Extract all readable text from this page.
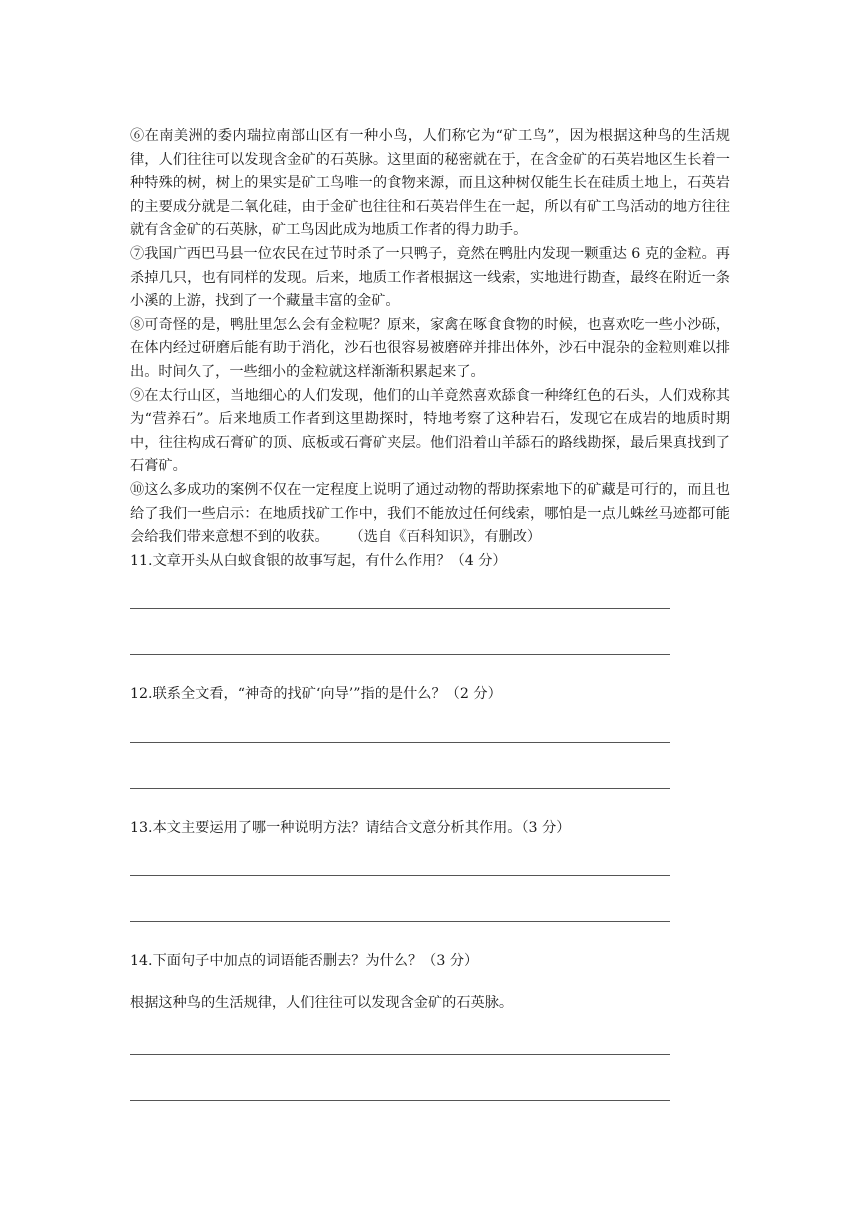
⑥在南美洲的委内瑞拉南部山区有一种小鸟，人们称它为“矿工鸟”，因为根据这种鸟的生活规律，人们往往可以发现含金矿的石英脉。这里面的秘密就在于，在含金矿的石英岩地区生长着一种特殊的树，树上的果实是矿工鸟唯一的食物来源，而且这种树仅能生长在硅质土地上，石英岩的主要成分就是二氧化硅，由于金矿也往往和石英岩伴生在一起，所以有矿工鸟活动的地方往往就有含金矿的石英脉，矿工鸟因此成为地质工作者的得力助手。

⑦我国广西巴马县一位农民在过节时杀了一只鸭子，竟然在鸭肚内发现一颗重达 6 克的金粒。再杀掉几只，也有同样的发现。后来，地质工作者根据这一线索，实地进行勘查，最终在附近一条小溪的上游，找到了一个藏量丰富的金矿。

⑧可奇怪的是，鸭肚里怎么会有金粒呢？原来，家禽在啄食食物的时候，也喜欢吃一些小沙砾，在体内经过研磨后能有助于消化，沙石也很容易被磨碎并排出体外，沙石中混杂的金粒则难以排出。时间久了，一些细小的金粒就这样渐渐积累起来了。

⑨在太行山区，当地细心的人们发现，他们的山羊竟然喜欢舔食一种绛红色的石头，人们戏称其为“营养石”。后来地质工作者到这里勘探时，特地考察了这种岩石，发现它在成岩的地质时期中，往往构成石膏矿的顶、底板或石膏矿夹层。他们沿着山羊舔石的路线勘探，最后果真找到了石膏矿。

⑩这么多成功的案例不仅在一定程度上说明了通过动物的帮助探索地下的矿藏是可行的，而且也给了我们一些启示：在地质找矿工作中，我们不能放过任何线索，哪怕是一点儿蛛丝马迹都可能会给我们带来意想不到的收获。 （选自《百科知识》，有删改）

11.文章开头从白蚁食银的故事写起，有什么作用？（4 分）

12.联系全文看，“神奇的找矿‘向导’”指的是什么？（2 分）

13.本文主要运用了哪一种说明方法？请结合文意分析其作用。（3 分）

14.下面句子中加点的词语能否删去？为什么？（3 分）

根据这种鸟的生活规律，人们往往可以发现含金矿的石英脉。
